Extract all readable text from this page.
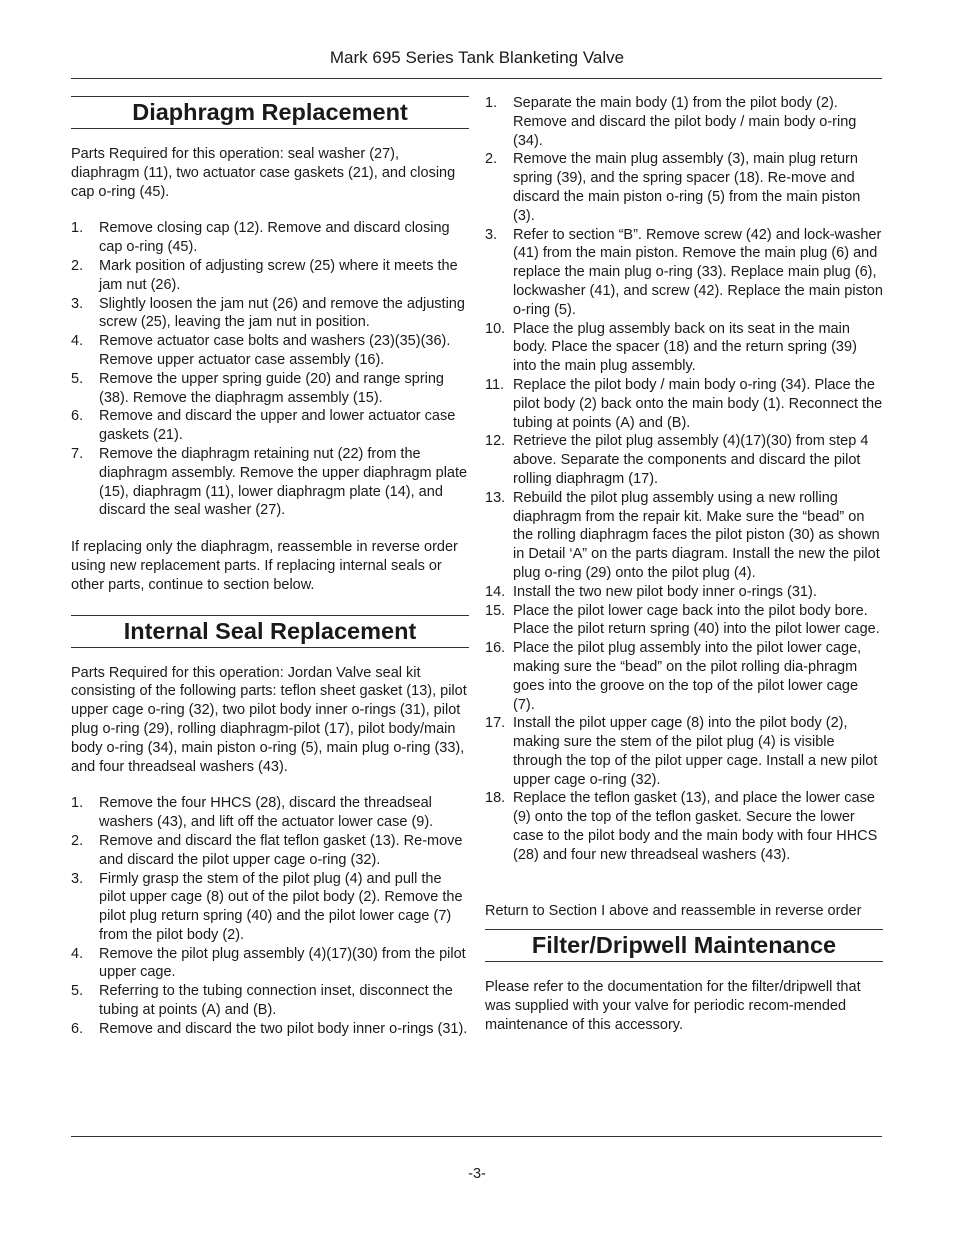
Mark 695 Series Tank Blanketing Valve
Diaphragm Replacement

Parts Required for this operation: seal washer (27), diaphragm (11), two actuator case gaskets (21), and closing cap o-ring (45).

1. Remove closing cap (12). Remove and discard closing cap o-ring (45).
2. Mark position of adjusting screw (25) where it meets the jam nut (26).
3. Slightly loosen the jam nut (26) and remove the adjusting screw (25), leaving the jam nut in position.
4. Remove actuator case bolts and washers (23)(35)(36). Remove upper actuator case assembly (16).
5. Remove the upper spring guide (20) and range spring (38). Remove the diaphragm assembly (15).
6. Remove and discard the upper and lower actuator case gaskets (21).
7. Remove the diaphragm retaining nut (22) from the diaphragm assembly. Remove the upper diaphragm plate (15), diaphragm (11), lower diaphragm plate (14), and discard the seal washer (27).

If replacing only the diaphragm, reassemble in reverse order using new replacement parts. If replacing internal seals or other parts, continue to section below.

Internal Seal Replacement

Parts Required for this operation: Jordan Valve seal kit consisting of the following parts: teflon sheet gasket (13), pilot upper cage o-ring (32), two pilot body inner o-rings (31), pilot plug o-ring (29), rolling diaphragm-pilot (17), pilot body/main body o-ring (34), main piston o-ring (5), main plug o-ring (33), and four threadseal washers (43).

1. Remove the four HHCS (28), discard the threadseal washers (43), and lift off the actuator lower case (9).
2. Remove and discard the flat teflon gasket (13). Re-move and discard the pilot upper cage o-ring (32).
3. Firmly grasp the stem of the pilot plug (4) and pull the pilot upper cage (8) out of the pilot body (2). Remove the pilot plug return spring (40) and the pilot lower cage (7) from the pilot body (2).
4. Remove the pilot plug assembly (4)(17)(30) from the pilot upper cage.
5. Referring to the tubing connection inset, disconnect the tubing at points (A) and (B).
6. Remove and discard the two pilot body inner o-rings (31).
1. Separate the main body (1) from the pilot body (2). Remove and discard the pilot body / main body o-ring (34).
2. Remove the main plug assembly (3), main plug return spring (39), and the spring spacer (18). Re-move and discard the main piston o-ring (5) from the main piston (3).
3. Refer to section “B”. Remove screw (42) and lock-washer (41) from the main piston. Remove the main plug (6) and replace the main plug o-ring (33). Replace main plug (6), lockwasher (41), and screw (42). Replace the main piston o-ring (5).
10. Place the plug assembly back on its seat in the main body. Place the spacer (18) and the return spring (39) into the main plug assembly.
11. Replace the pilot body / main body o-ring (34). Place the pilot body (2) back onto the main body (1). Reconnect the tubing at points (A) and (B).
12. Retrieve the pilot plug assembly (4)(17)(30) from step 4 above. Separate the components and discard the pilot rolling diaphragm (17).
13. Rebuild the pilot plug assembly using a new rolling diaphragm from the repair kit. Make sure the “bead” on the rolling diaphragm faces the pilot piston (30) as shown in Detail ‘A” on the parts diagram. Install the new the pilot plug o-ring (29) onto the pilot plug (4).
14. Install the two new pilot body inner o-rings (31).
15. Place the pilot lower cage back into the pilot body bore. Place the pilot return spring (40) into the pilot lower cage.
16. Place the pilot plug assembly into the pilot lower cage, making sure the “bead” on the pilot rolling dia-phragm goes into the groove on the top of the pilot lower cage (7).
17. Install the pilot upper cage (8) into the pilot body (2), making sure the stem of the pilot plug (4) is visible through the top of the pilot upper cage. Install a new pilot upper cage o-ring (32).
18. Replace the teflon gasket (13), and place the lower case (9) onto the top of the teflon gasket. Secure the lower case to the pilot body and the main body with four HHCS (28) and four new threadseal washers (43).

Return to Section I above and reassemble in reverse order

Filter/Dripwell Maintenance

Please refer to the documentation for the filter/dripwell that was supplied with your valve for periodic recom-mended maintenance of this accessory.

-3-
